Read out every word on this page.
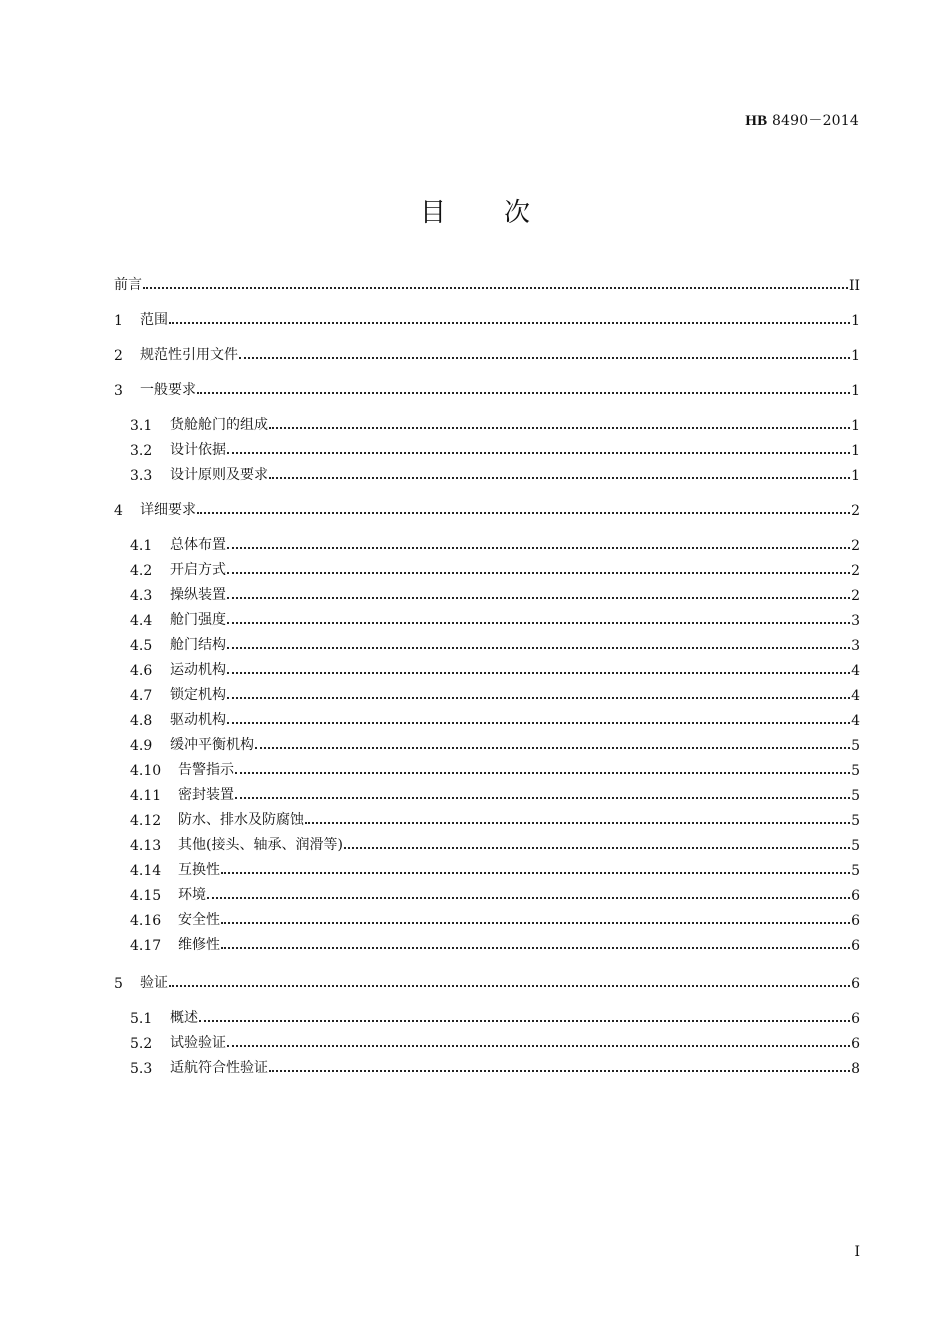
HB 8490－2014
目次
前言	II
1	范围	1
2	规范性引用文件	1
3	一般要求	1
3.1	货舱舱门的组成	1
3.2	设计依据	1
3.3	设计原则及要求	1
4	详细要求	2
4.1	总体布置	2
4.2	开启方式	2
4.3	操纵装置	2
4.4	舱门强度	3
4.5	舱门结构	3
4.6	运动机构	4
4.7	锁定机构	4
4.8	驱动机构	4
4.9	缓冲平衡机构	5
4.10	告警指示	5
4.11	密封装置	5
4.12	防水、排水及防腐蚀	5
4.13	其他(接头、轴承、润滑等)	5
4.14	互换性	5
4.15	环境	6
4.16	安全性	6
4.17	维修性	6
5	验证	6
5.1	概述	6
5.2	试验验证	6
5.3	适航符合性验证	8
I
